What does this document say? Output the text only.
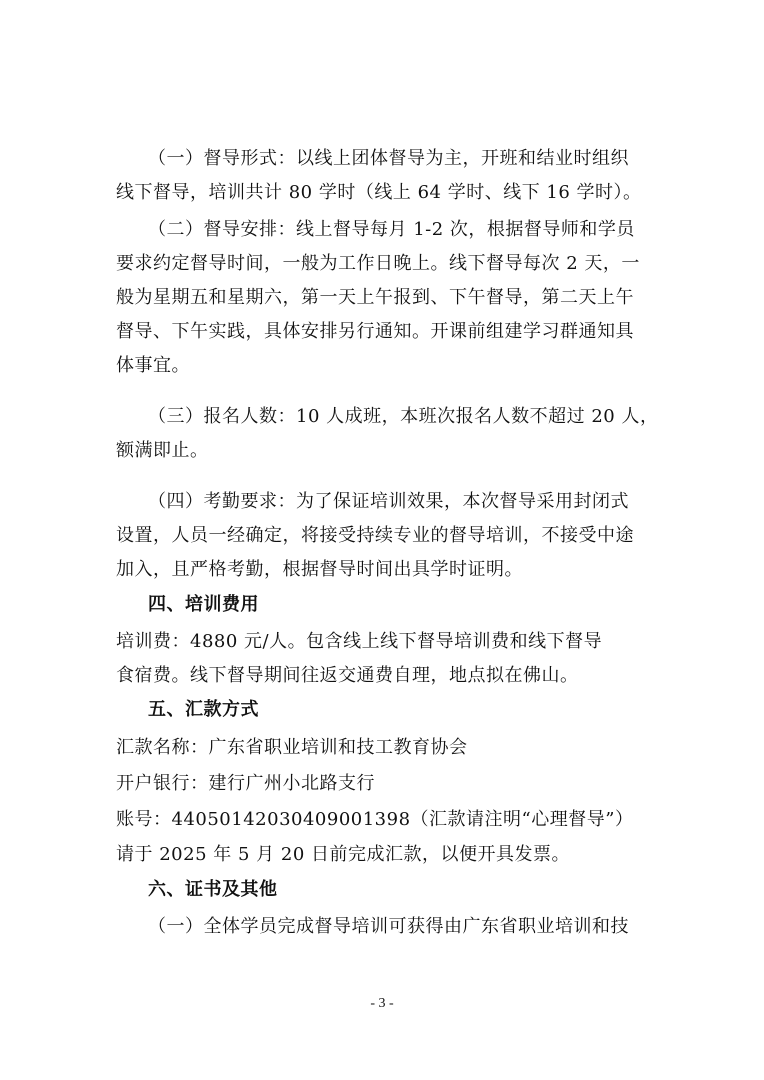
（一）督导形式：以线上团体督导为主，开班和结业时组织
线下督导，培训共计 80 学时（线上 64 学时、线下 16 学时）。
（二）督导安排：线上督导每月 1-2 次，根据督导师和学员
要求约定督导时间，一般为工作日晚上。线下督导每次 2 天，一
般为星期五和星期六，第一天上午报到、下午督导，第二天上午
督导、下午实践，具体安排另行通知。开课前组建学习群通知具
体事宜。
（三）报名人数：10 人成班，本班次报名人数不超过 20 人，
额满即止。
（四）考勤要求：为了保证培训效果，本次督导采用封闭式
设置，人员一经确定，将接受持续专业的督导培训，不接受中途
加入，且严格考勤，根据督导时间出具学时证明。
四、培训费用
培训费：4880 元/人。包含线上线下督导培训费和线下督导
食宿费。线下督导期间往返交通费自理，地点拟在佛山。
五、汇款方式
汇款名称：广东省职业培训和技工教育协会
开户银行：建行广州小北路支行
账号：44050142030409001398（汇款请注明“心理督导”）
请于 2025 年 5 月 20 日前完成汇款，以便开具发票。
六、证书及其他
（一）全体学员完成督导培训可获得由广东省职业培训和技
- 3 -
